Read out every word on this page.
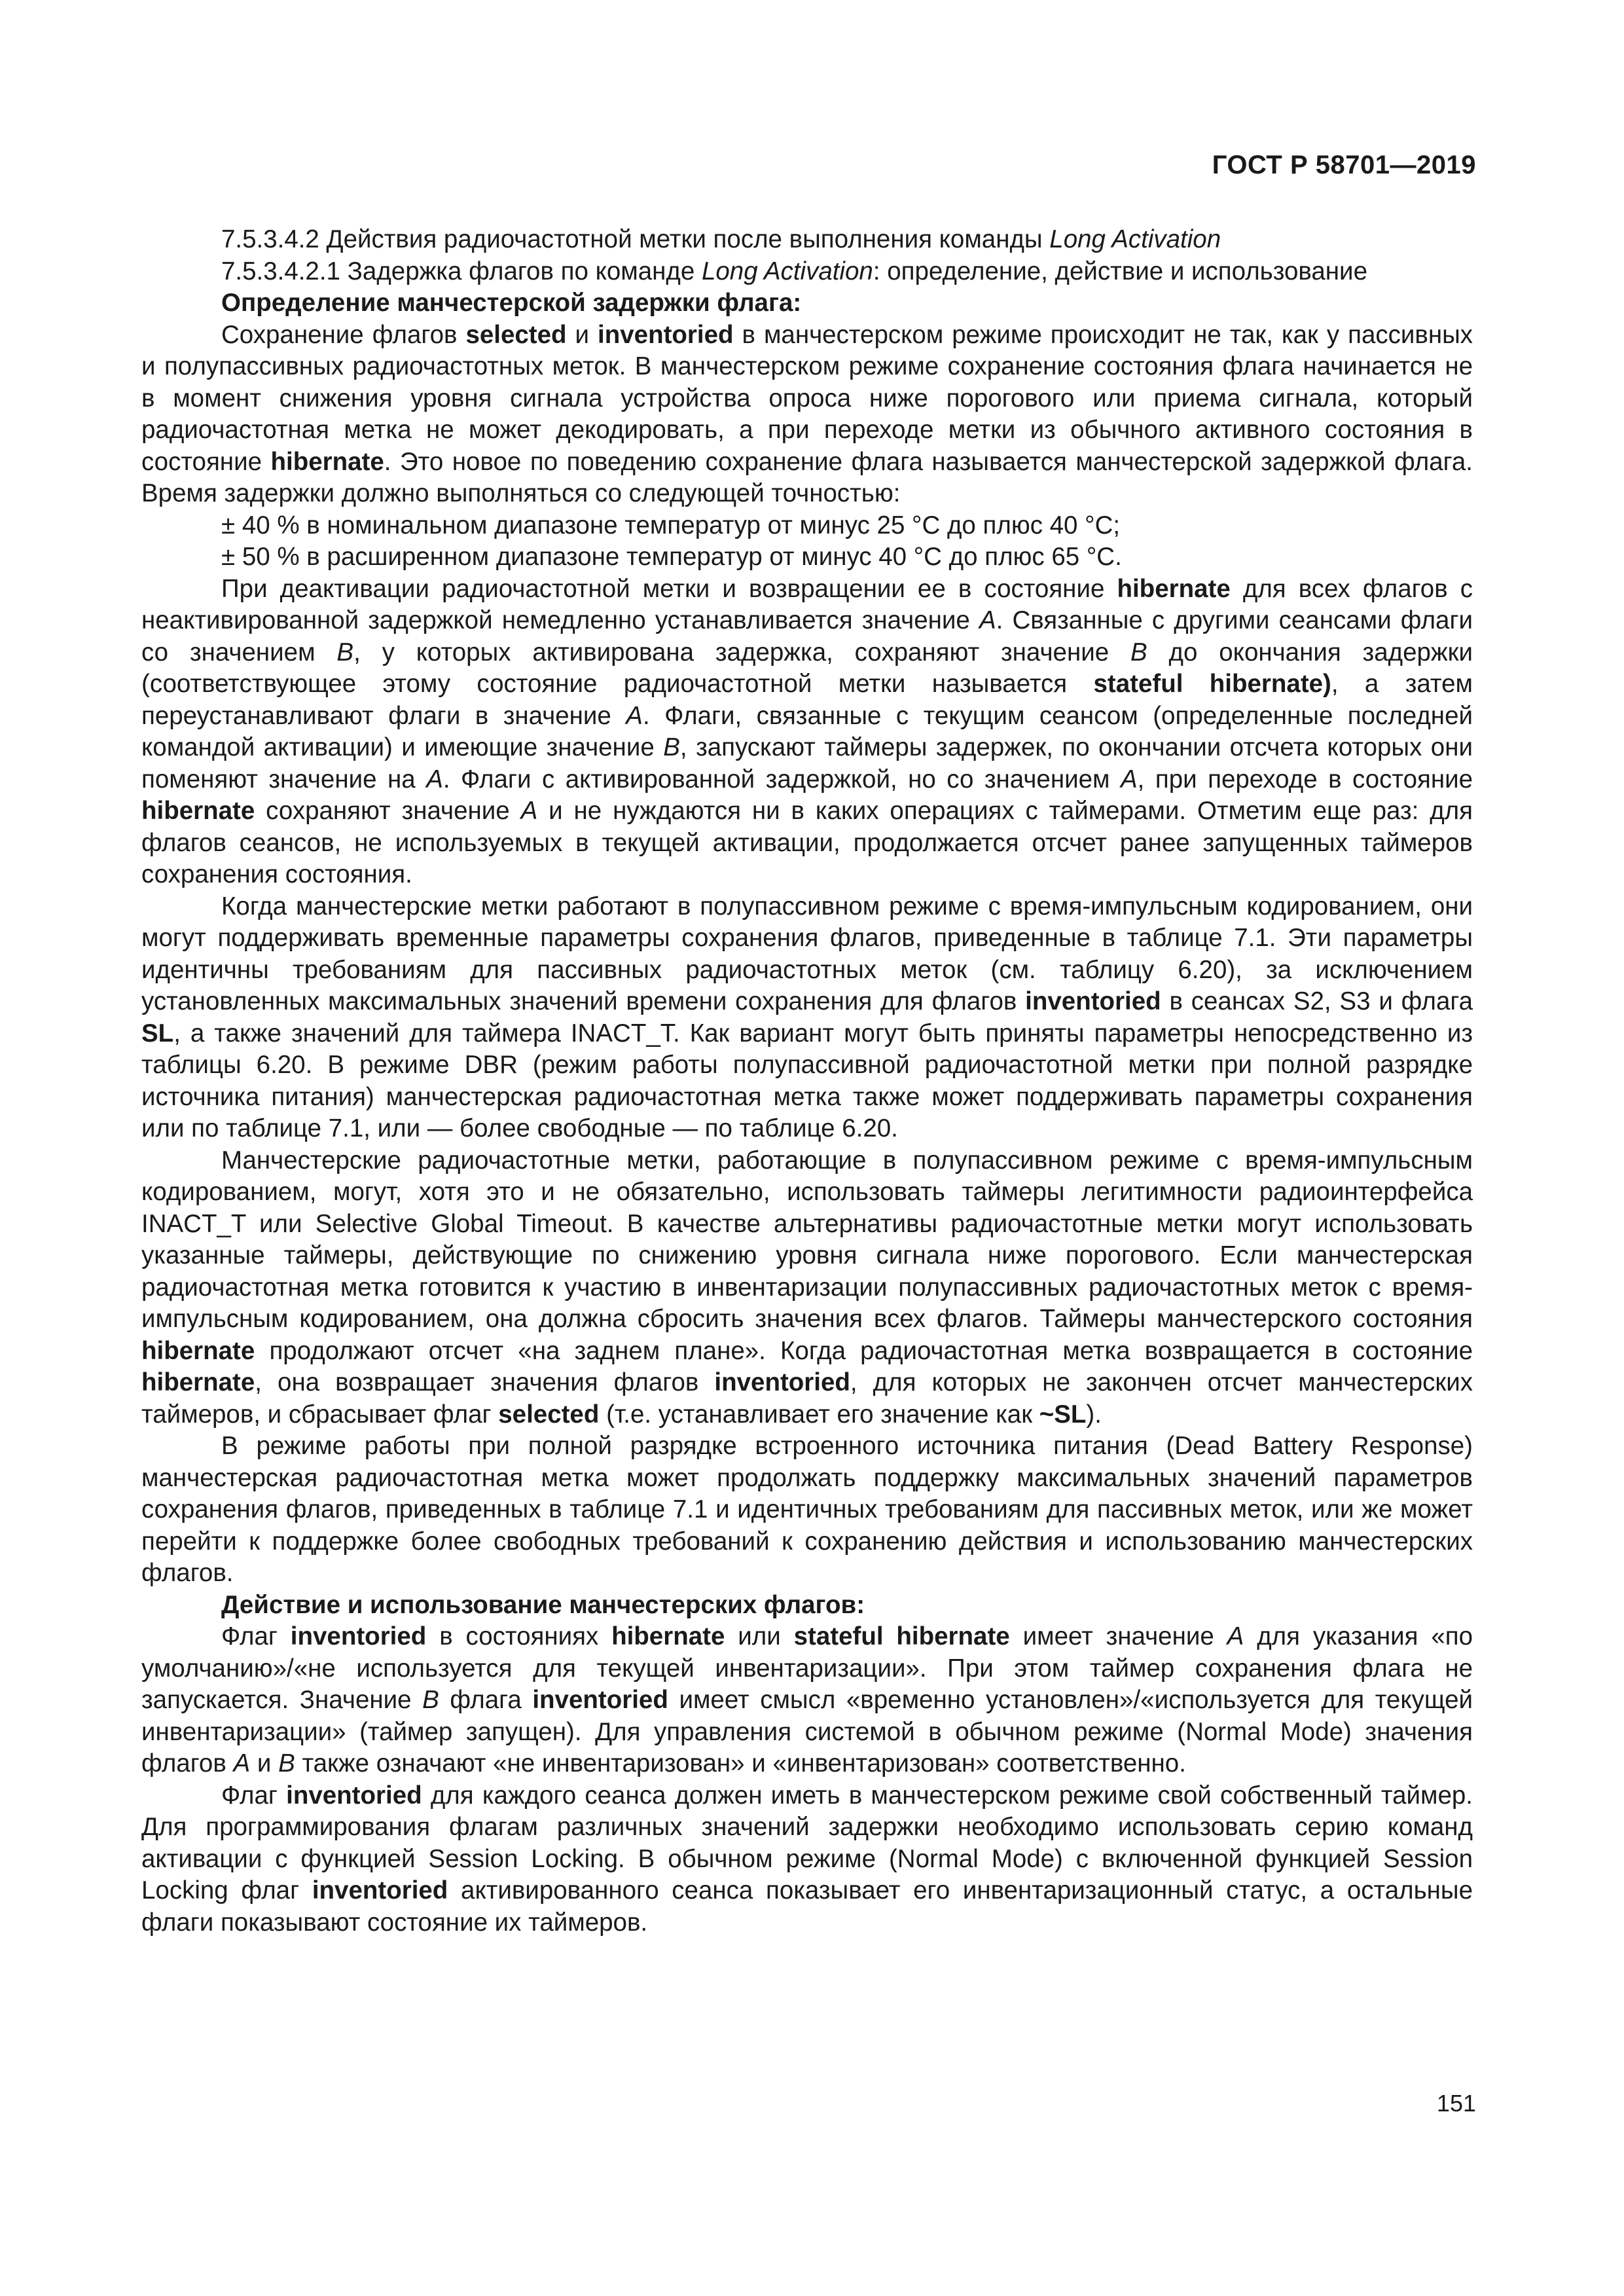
ГОСТ Р 58701—2019

7.5.3.4.2 Действия радиочастотной метки после выполнения команды Long Activation

7.5.3.4.2.1 Задержка флагов по команде Long Activation: определение, действие и использование

Определение манчестерской задержки флага:

Сохранение флагов selected и inventoried в манчестерском режиме происходит не так, как у пассивных и полупассивных радиочастотных меток. В манчестерском режиме сохранение состояния флага начинается не в момент снижения уровня сигнала устройства опроса ниже порогового или приема сигнала, который радиочастотная метка не может декодировать, а при переходе метки из обычного активного состояния в состояние hibernate. Это новое по поведению сохранение флага называется манчестерской задержкой флага. Время задержки должно выполняться со следующей точностью:

± 40 % в номинальном диапазоне температур от минус 25 °С до плюс 40 °С;

± 50 % в расширенном диапазоне температур от минус 40 °С до плюс 65 °С.

При деактивации радиочастотной метки и возвращении ее в состояние hibernate для всех флагов с неактивированной задержкой немедленно устанавливается значение А. Связанные с другими сеансами флаги со значением В, у которых активирована задержка, сохраняют значение В до окончания задержки (соответствующее этому состояние радиочастотной метки называется stateful hibernate), а затем переустанавливают флаги в значение А. Флаги, связанные с текущим сеансом (определенные последней командой активации) и имеющие значение В, запускают таймеры задержек, по окончании отсчета которых они поменяют значение на А. Флаги с активированной задержкой, но со значением А, при переходе в состояние hibernate сохраняют значение А и не нуждаются ни в каких операциях с таймерами. Отметим еще раз: для флагов сеансов, не используемых в текущей активации, продолжается отсчет ранее запущенных таймеров сохранения состояния.

Когда манчестерские метки работают в полупассивном режиме с время-импульсным кодированием, они могут поддерживать временные параметры сохранения флагов, приведенные в таблице 7.1. Эти параметры идентичны требованиям для пассивных радиочастотных меток (см. таблицу 6.20), за исключением установленных максимальных значений времени сохранения для флагов inventoried в сеансах S2, S3 и флага SL, а также значений для таймера INACT_T. Как вариант могут быть приняты параметры непосредственно из таблицы 6.20. В режиме DBR (режим работы полупассивной радиочастотной метки при полной разрядке источника питания) манчестерская радиочастотная метка также может поддерживать параметры сохранения или по таблице 7.1, или — более свободные — по таблице 6.20.

Манчестерские радиочастотные метки, работающие в полупассивном режиме с время-импульсным кодированием, могут, хотя это и не обязательно, использовать таймеры легитимности радиоинтерфейса INACT_T или Selective Global Timeout. В качестве альтернативы радиочастотные метки могут использовать указанные таймеры, действующие по снижению уровня сигнала ниже порогового. Если манчестерская радиочастотная метка готовится к участию в инвентаризации полупассивных радиочастотных меток с время-импульсным кодированием, она должна сбросить значения всех флагов. Таймеры манчестерского состояния hibernate продолжают отсчет «на заднем плане». Когда радиочастотная метка возвращается в состояние hibernate, она возвращает значения флагов inventoried, для которых не закончен отсчет манчестерских таймеров, и сбрасывает флаг selected (т.е. устанавливает его значение как ~SL).

В режиме работы при полной разрядке встроенного источника питания (Dead Battery Response) манчестерская радиочастотная метка может продолжать поддержку максимальных значений параметров сохранения флагов, приведенных в таблице 7.1 и идентичных требованиям для пассивных меток, или же может перейти к поддержке более свободных требований к сохранению действия и использованию манчестерских флагов.

Действие и использование манчестерских флагов:

Флаг inventoried в состояниях hibernate или stateful hibernate имеет значение А для указания «по умолчанию»/«не используется для текущей инвентаризации». При этом таймер сохранения флага не запускается. Значение В флага inventoried имеет смысл «временно установлен»/«используется для текущей инвентаризации» (таймер запущен). Для управления системой в обычном режиме (Normal Mode) значения флагов А и В также означают «не инвентаризован» и «инвентаризован» соответственно.

Флаг inventoried для каждого сеанса должен иметь в манчестерском режиме свой собственный таймер. Для программирования флагам различных значений задержки необходимо использовать серию команд активации с функцией Session Locking. В обычном режиме (Normal Mode) с включенной функцией Session Locking флаг inventoried активированного сеанса показывает его инвентаризационный статус, а остальные флаги показывают состояние их таймеров.

151
